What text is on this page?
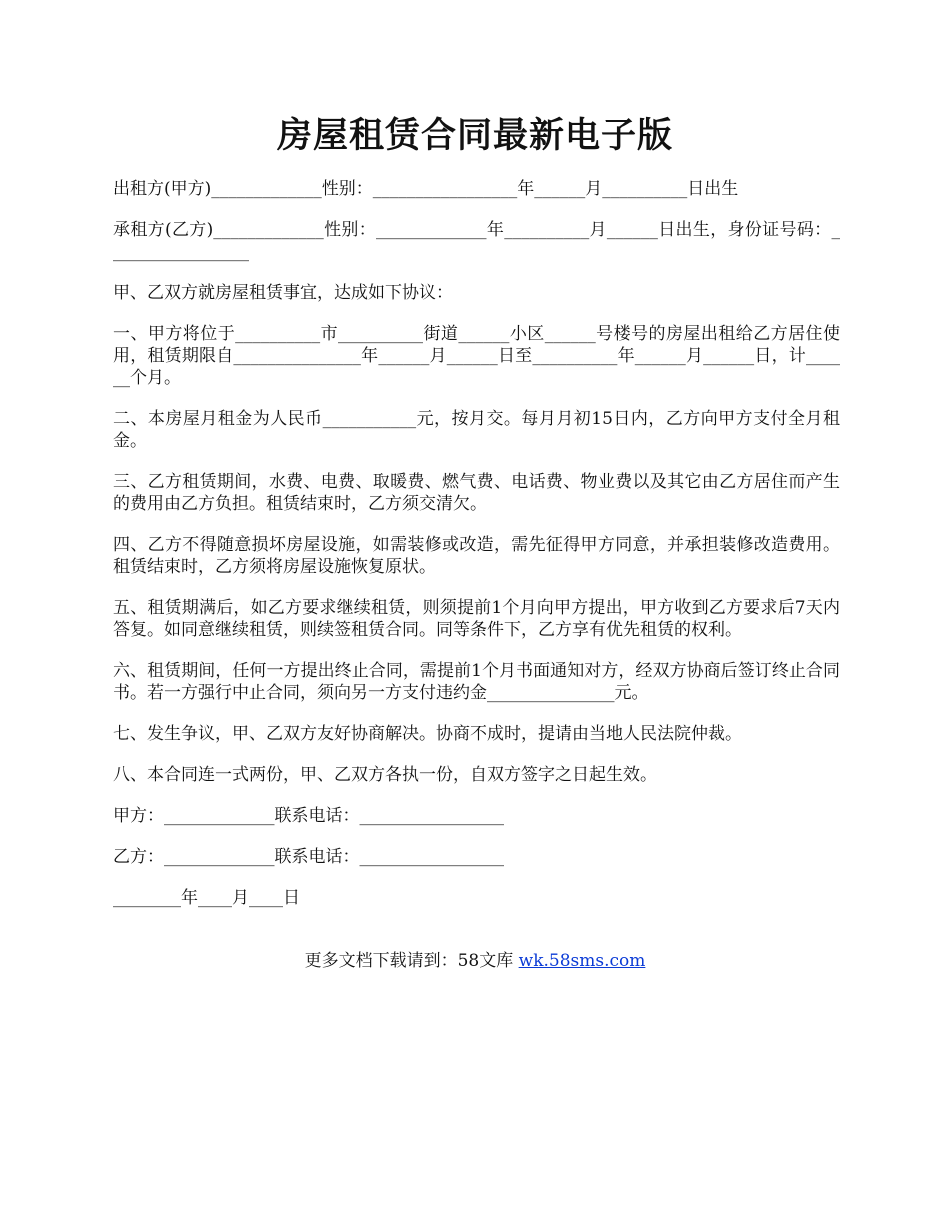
房屋租赁合同最新电子版

出租方(甲方)_____________性别：_________________年______月__________日出生

承租方(乙方)_____________性别：_____________年__________月______日出生，身份证号码：_________________

甲、乙双方就房屋租赁事宜，达成如下协议：

一、甲方将位于__________市__________街道______小区______号楼号的房屋出租给乙方居住使用，租赁期限自_______________年______月______日至__________年______月______日，计______个月。

二、本房屋月租金为人民币___________元，按月交。每月月初15日内，乙方向甲方支付全月租金。

三、乙方租赁期间，水费、电费、取暖费、燃气费、电话费、物业费以及其它由乙方居住而产生的费用由乙方负担。租赁结束时，乙方须交清欠。

四、乙方不得随意损坏房屋设施，如需装修或改造，需先征得甲方同意，并承担装修改造费用。租赁结束时，乙方须将房屋设施恢复原状。

五、租赁期满后，如乙方要求继续租赁，则须提前1个月向甲方提出，甲方收到乙方要求后7天内答复。如同意继续租赁，则续签租赁合同。同等条件下，乙方享有优先租赁的权利。

六、租赁期间，任何一方提出终止合同，需提前1个月书面通知对方，经双方协商后签订终止合同书。若一方强行中止合同，须向另一方支付违约金_______________元。

七、发生争议，甲、乙双方友好协商解决。协商不成时，提请由当地人民法院仲裁。

八、本合同连一式两份，甲、乙双方各执一份，自双方签字之日起生效。

甲方：_____________联系电话：_________________

乙方：_____________联系电话：_________________

________年____月____日

更多文档下载请到：58文库 wk.58sms.com
